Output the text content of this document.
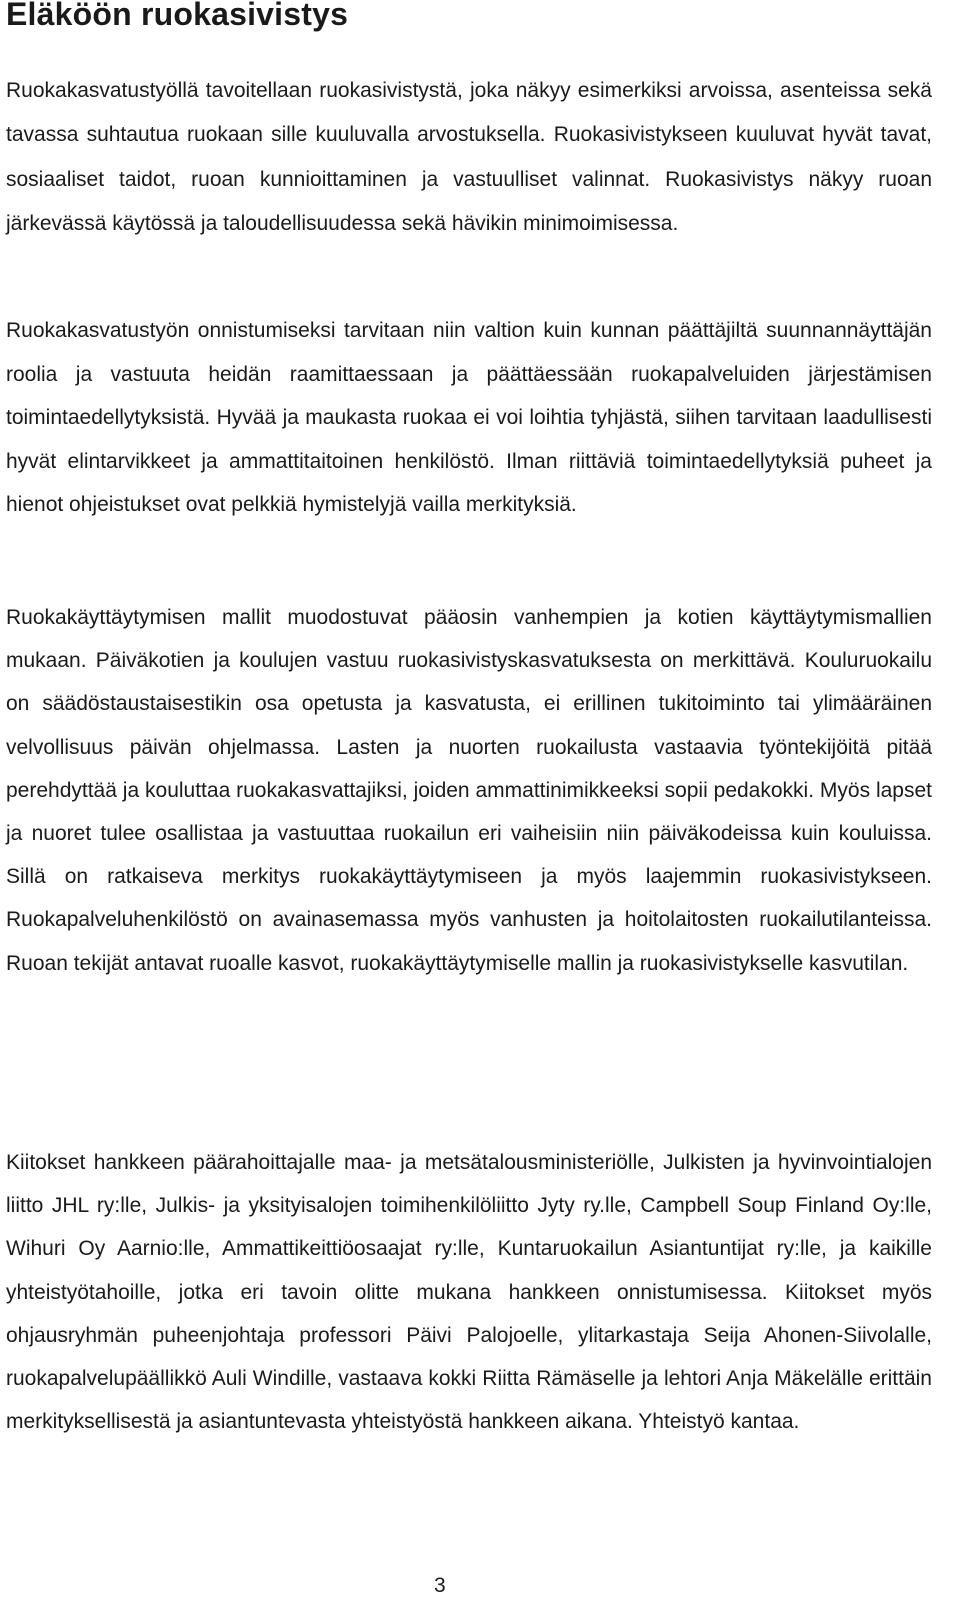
Eläköön ruokasivistys

Ruokakasvatustyöllä tavoitellaan ruokasivistystä, joka näkyy esimerkiksi arvoissa, asenteissa sekä tavassa suhtautua ruokaan sille kuuluvalla arvostuksella. Ruokasivistykseen kuuluvat hyvät tavat, sosiaaliset taidot, ruoan kunnioittaminen ja vastuulliset valinnat. Ruokasivistys näkyy ruoan järkevässä käytössä ja taloudellisuudessa sekä hävikin minimoimisessa.

Ruokakasvatustyön onnistumiseksi tarvitaan niin valtion kuin kunnan päättäjiltä suunnannäyttäjän roolia ja vastuuta heidän raamittaessaan ja päättäessään ruokapalveluiden järjestämisen toimintaedellytyksistä. Hyvää ja maukasta ruokaa ei voi loihtia tyhjästä, siihen tarvitaan laadullisesti hyvät elintarvikkeet ja ammattitaitoinen henkilöstö. Ilman riittäviä toimintaedellytyksiä puheet ja hienot ohjeistukset ovat pelkkiä hymistelyjä vailla merkityksiä.

Ruokakäyttäytymisen mallit muodostuvat pääosin vanhempien ja kotien käyttäytymismallien mukaan. Päiväkotien ja koulujen vastuu ruokasivistyskasvatuksesta on merkittävä. Kouluruokailu on säädöstaustaisestikin osa opetusta ja kasvatusta, ei erillinen tukitoiminto tai ylimääräinen velvollisuus päivän ohjelmassa. Lasten ja nuorten ruokailusta vastaavia työntekijöitä pitää perehdyttää ja kouluttaa ruokakasvattajiksi, joiden ammattinimikkeeksi sopii pedakokki. Myös lapset ja nuoret tulee osallistaa ja vastuuttaa ruokailun eri vaiheisiin niin päiväkodeissa kuin kouluissa. Sillä on ratkaiseva merkitys ruokakäyttäytymiseen ja myös laajemmin ruokasivistykseen. Ruokapalveluhenkilöstö on avainasemassa myös vanhusten ja hoitolaitosten ruokailutilanteissa. Ruoan tekijät antavat ruoalle kasvot, ruokakäyttäytymiselle mallin ja ruokasivistykselle kasvutilan.

Kiitokset hankkeen päärahoittajalle maa- ja metsätalousministeriölle, Julkisten ja hyvinvointialojen liitto JHL ry:lle, Julkis- ja yksityisalojen toimihenkilöliitto Jyty ry.lle, Campbell Soup Finland Oy:lle, Wihuri Oy Aarnio:lle, Ammattikeittiöosaajat ry:lle, Kuntaruokailun Asiantuntijat ry:lle, ja kaikille yhteistyötahoille, jotka eri tavoin olitte mukana hankkeen onnistumisessa. Kiitokset myös ohjausryhmän puheenjohtaja professori Päivi Palojoelle, ylitarkastaja Seija Ahonen-Siivolalle, ruokapalvelupäällikkö Auli Windille, vastaava kokki Riitta Rämäselle ja lehtori Anja Mäkelälle erittäin merkityksellisestä ja asiantuntevasta yhteistyöstä hankkeen aikana. Yhteistyö kantaa.

3
